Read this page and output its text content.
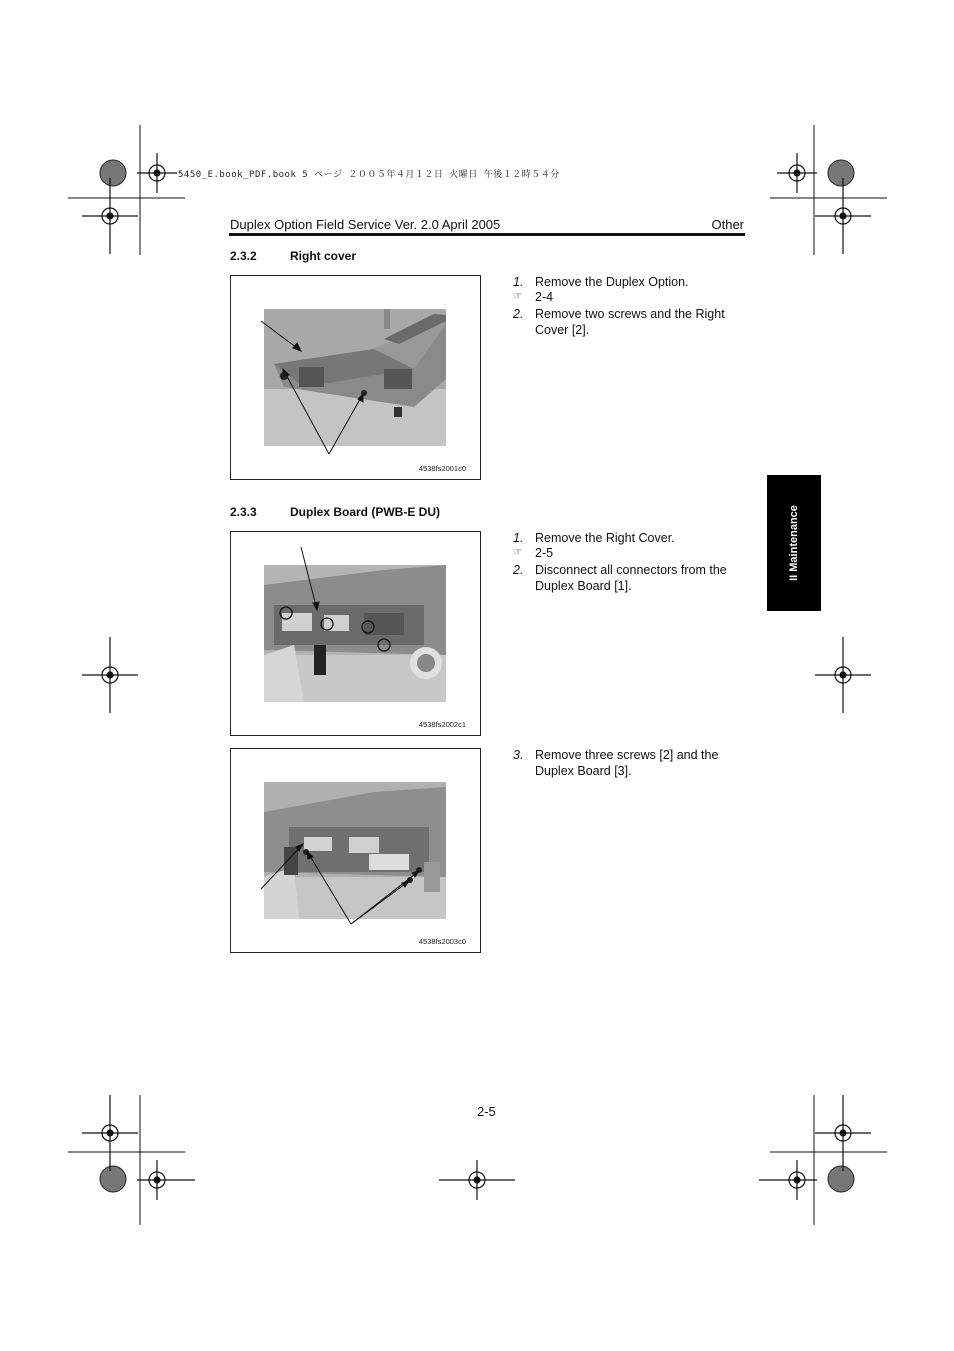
5450_E.book_PDF.book 5 ページ ２００５年４月１２日 火曜日 午後１２時５４分
Duplex Option Field Service Ver. 2.0 April 2005	Other
2.3.2	Right cover
4538fs2001c0
1. Remove the Duplex Option.
☞ 2-4
2. Remove two screws and the Right Cover [2].
2.3.3	Duplex Board (PWB-E DU)
4538fs2002c1
1. Remove the Right Cover.
☞ 2-5
2. Disconnect all connectors from the Duplex Board [1].
4538fs2003c0
3. Remove three screws [2] and the Duplex Board [3].
II Maintenance
2-5
